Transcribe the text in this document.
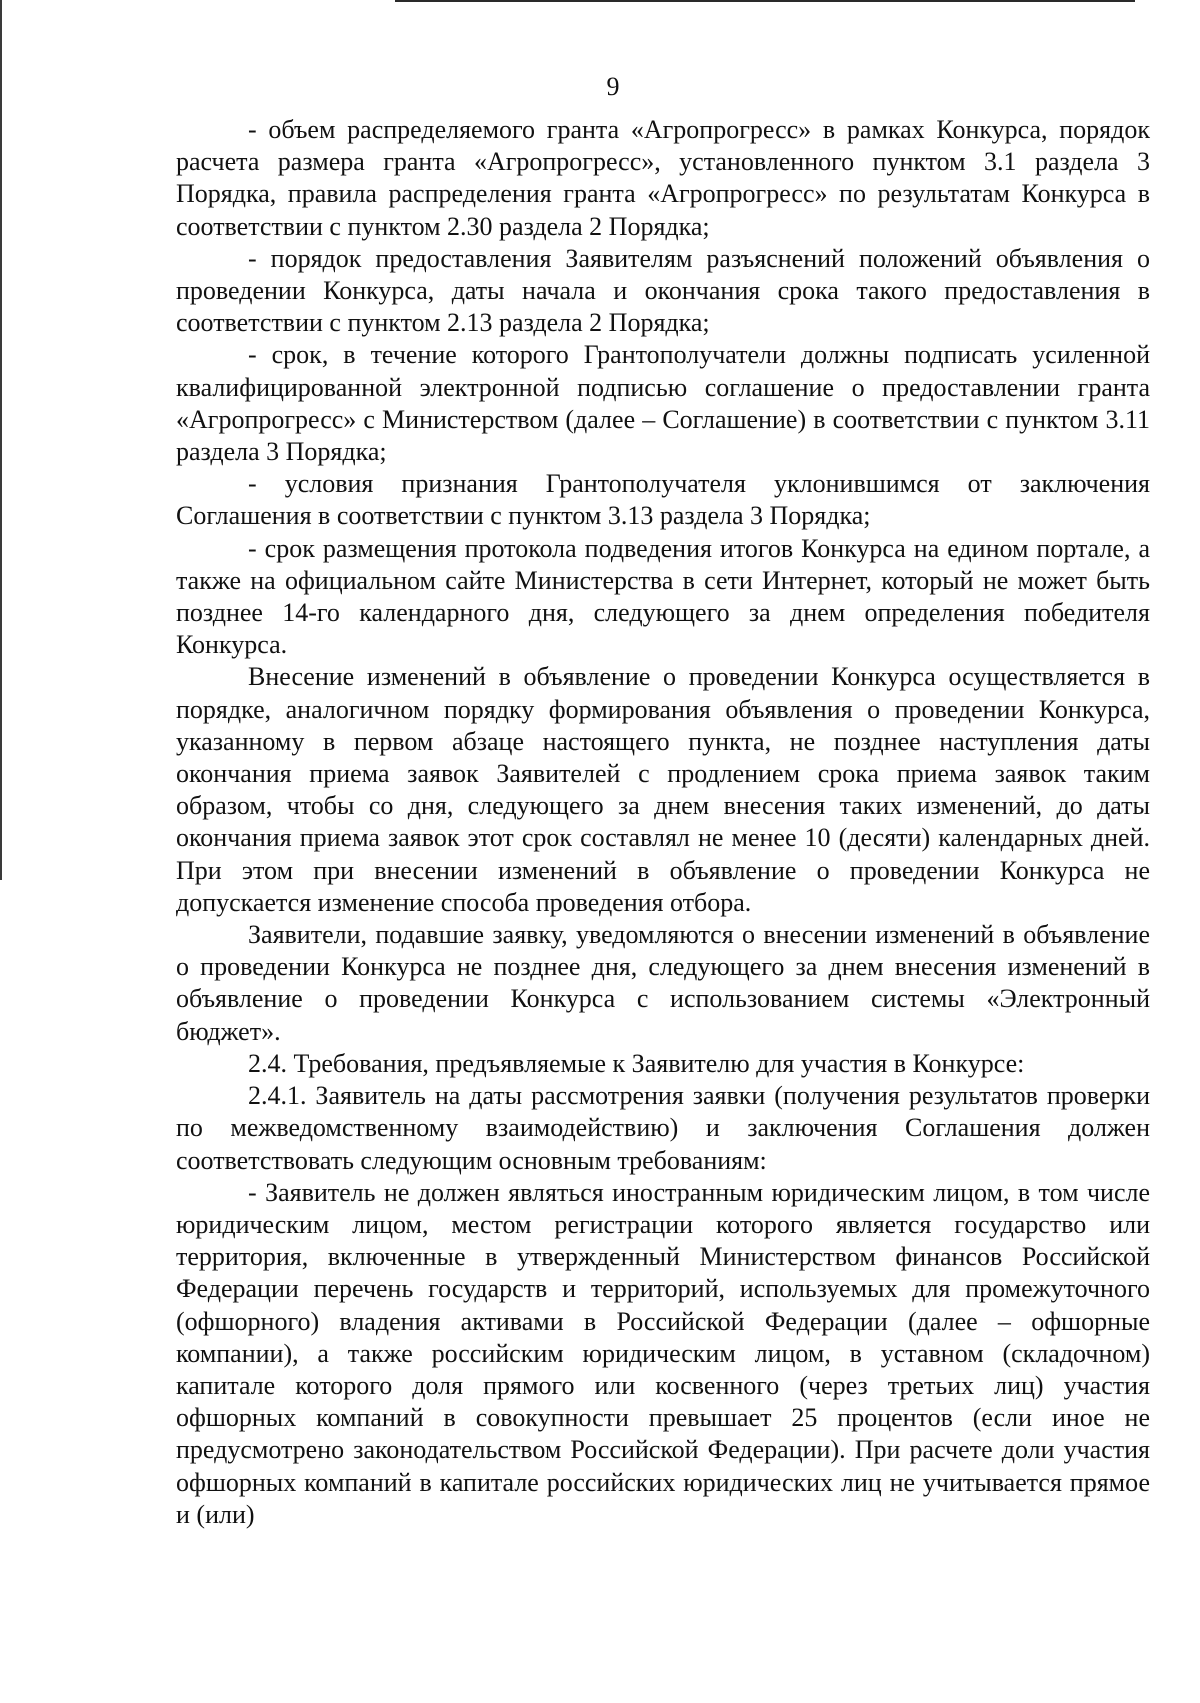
9

- объем распределяемого гранта «Агропрогресс» в рамках Конкурса, порядок расчета размера гранта «Агропрогресс», установленного пунктом 3.1 раздела 3 Порядка, правила распределения гранта «Агропрогресс» по результатам Конкурса в соответствии с пунктом 2.30 раздела 2 Порядка;

- порядок предоставления Заявителям разъяснений положений объявления о проведении Конкурса, даты начала и окончания срока такого предоставления в соответствии с пунктом 2.13 раздела 2 Порядка;

- срок, в течение которого Грантополучатели должны подписать усиленной квалифицированной электронной подписью соглашение о предоставлении гранта «Агропрогресс» с Министерством (далее – Соглашение) в соответствии с пунктом 3.11 раздела 3 Порядка;

- условия признания Грантополучателя уклонившимся от заключения Соглашения в соответствии с пунктом 3.13 раздела 3 Порядка;

- срок размещения протокола подведения итогов Конкурса на едином портале, а также на официальном сайте Министерства в сети Интернет, который не может быть позднее 14-го календарного дня, следующего за днем определения победителя Конкурса.

Внесение изменений в объявление о проведении Конкурса осуществляется в порядке, аналогичном порядку формирования объявления о проведении Конкурса, указанному в первом абзаце настоящего пункта, не позднее наступления даты окончания приема заявок Заявителей с продлением срока приема заявок таким образом, чтобы со дня, следующего за днем внесения таких изменений, до даты окончания приема заявок этот срок составлял не менее 10 (десяти) календарных дней. При этом при внесении изменений в объявление о проведении Конкурса не допускается изменение способа проведения отбора.

Заявители, подавшие заявку, уведомляются о внесении изменений в объявление о проведении Конкурса не позднее дня, следующего за днем внесения изменений в объявление о проведении Конкурса с использованием системы «Электронный бюджет».

2.4. Требования, предъявляемые к Заявителю для участия в Конкурсе:

2.4.1. Заявитель на даты рассмотрения заявки (получения результатов проверки по межведомственному взаимодействию) и заключения Соглашения должен соответствовать следующим основным требованиям:

- Заявитель не должен являться иностранным юридическим лицом, в том числе юридическим лицом, местом регистрации которого является государство или территория, включенные в утвержденный Министерством финансов Российской Федерации перечень государств и территорий, используемых для промежуточного (офшорного) владения активами в Российской Федерации (далее – офшорные компании), а также российским юридическим лицом, в уставном (складочном) капитале которого доля прямого или косвенного (через третьих лиц) участия офшорных компаний в совокупности превышает 25 процентов (если иное не предусмотрено законодательством Российской Федерации). При расчете доли участия офшорных компаний в капитале российских юридических лиц не учитывается прямое и (или)
